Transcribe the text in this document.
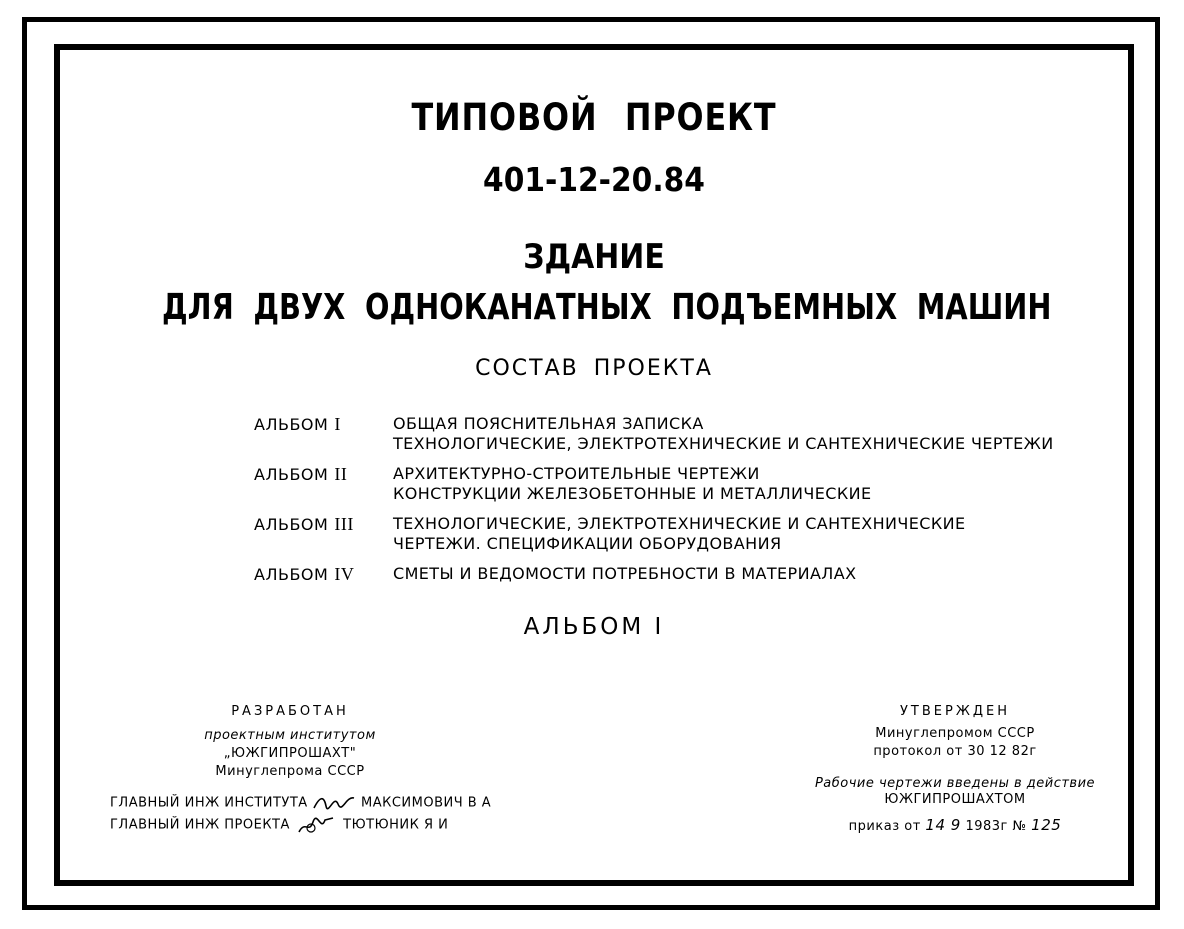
ТИПОВОЙ ПРОЕКТ
401-12-20.84
ЗДАНИЕ
ДЛЯ ДВУХ ОДНОКАНАТНЫХ ПОДЪЕМНЫХ МАШИН
СОСТАВ ПРОЕКТА
АЛЬБОМ I	ОБЩАЯ ПОЯСНИТЕЛЬНАЯ ЗАПИСКА
ТЕХНОЛОГИЧЕСКИЕ, ЭЛЕКТРОТЕХНИЧЕСКИЕ И САНТЕХНИЧЕСКИЕ ЧЕРТЕЖИ
АЛЬБОМ II	АРХИТЕКТУРНО-СТРОИТЕЛЬНЫЕ ЧЕРТЕЖИ
КОНСТРУКЦИИ ЖЕЛЕЗОБЕТОННЫЕ И МЕТАЛЛИЧЕСКИЕ
АЛЬБОМ III ТЕХНОЛОГИЧЕСКИЕ, ЭЛЕКТРОТЕХНИЧЕСКИЕ И САНТЕХНИЧЕСКИЕ
ЧЕРТЕЖИ. СПЕЦИФИКАЦИИ ОБОРУДОВАНИЯ
АЛЬБОМ IV СМЕТЫ И ВЕДОМОСТИ ПОТРЕБНОСТИ В МАТЕРИАЛАХ
АЛЬБОМ I
РАЗРАБОТАН
проектным институтом
„ЮЖГИПРОШАХТ"
Минуглепрома СССР
ГЛАВНЫЙ ИНЖ ИНСТИТУТА	МАКСИМОВИЧ В А
ГЛАВНЫЙ ИНЖ ПРОЕКТА	ТЮТЮНИК Я И
УТВЕРЖДЕН
Минуглепромом СССР
протокол от 30 12 82г
Рабочие чертежи введены в действие
ЮЖГИПРОШАХТОМ
приказ от 14 9 1983г № 125
